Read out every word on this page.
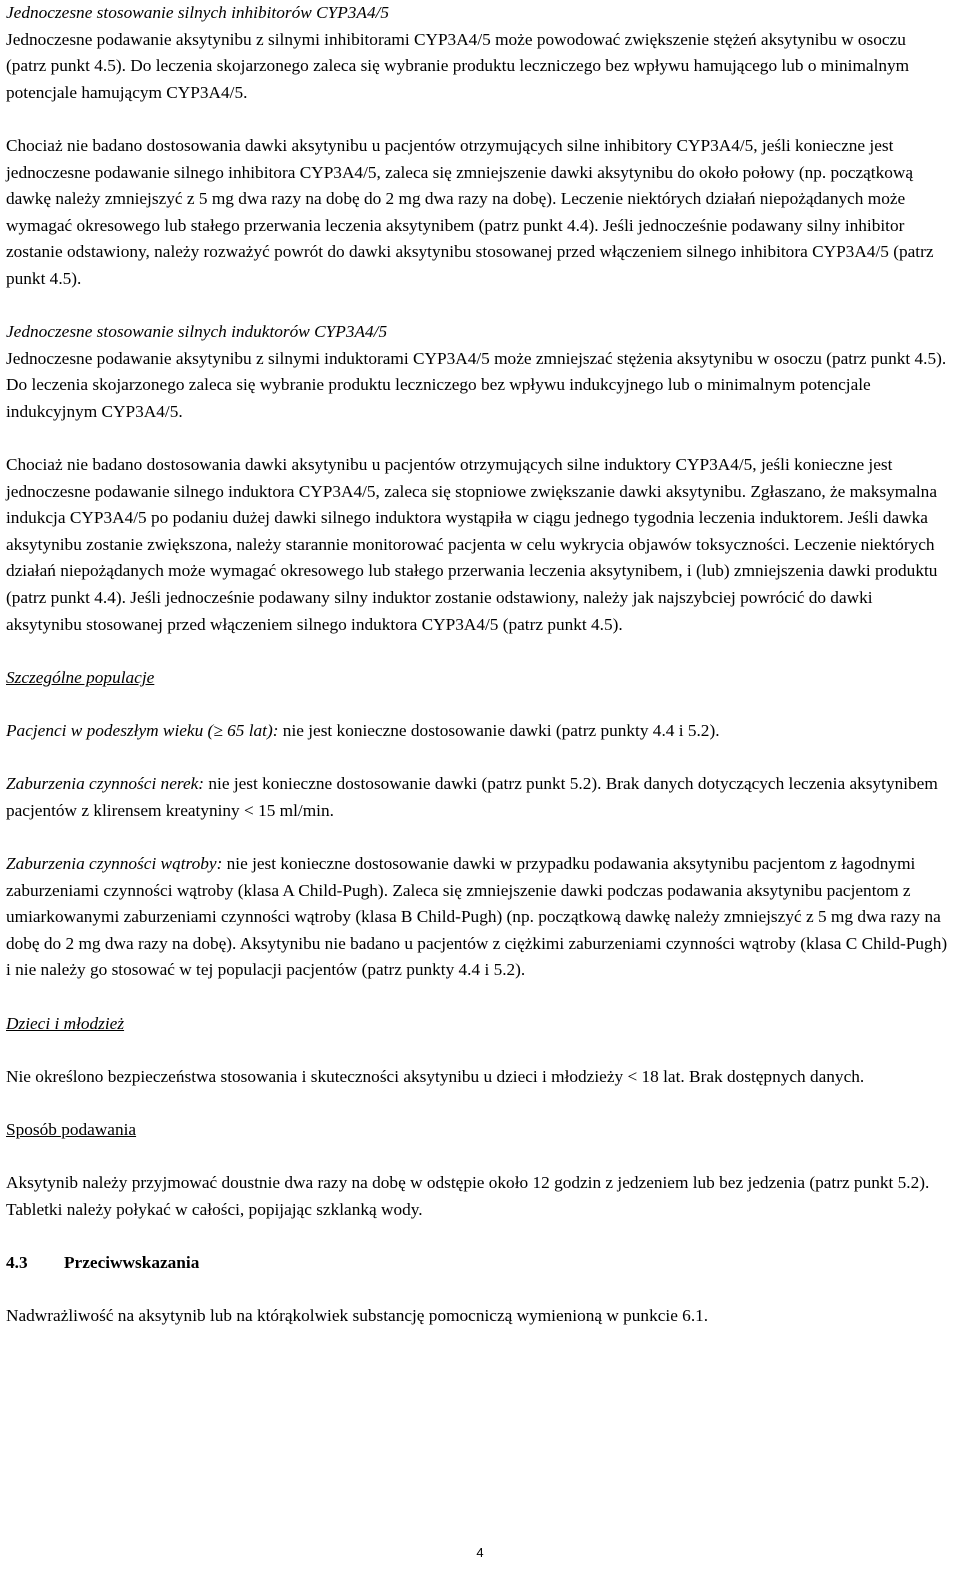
Jednoczesne stosowanie silnych inhibitorów CYP3A4/5

Jednoczesne podawanie aksytynibu z silnymi inhibitorami CYP3A4/5 może powodować zwiększenie stężeń aksytynibu w osoczu (patrz punkt 4.5). Do leczenia skojarzonego zaleca się wybranie produktu leczniczego bez wpływu hamującego lub o minimalnym potencjale hamującym CYP3A4/5.

Chociaż nie badano dostosowania dawki aksytynibu u pacjentów otrzymujących silne inhibitory CYP3A4/5, jeśli konieczne jest jednoczesne podawanie silnego inhibitora CYP3A4/5, zaleca się zmniejszenie dawki aksytynibu do około połowy (np. początkową dawkę należy zmniejszyć z 5 mg dwa razy na dobę do 2 mg dwa razy na dobę). Leczenie niektórych działań niepożądanych może wymagać okresowego lub stałego przerwania leczenia aksytynibem (patrz punkt 4.4). Jeśli jednocześnie podawany silny inhibitor zostanie odstawiony, należy rozważyć powrót do dawki aksytynibu stosowanej przed włączeniem silnego inhibitora CYP3A4/5 (patrz punkt 4.5).

Jednoczesne stosowanie silnych induktorów CYP3A4/5

Jednoczesne podawanie aksytynibu z silnymi induktorami CYP3A4/5 może zmniejszać stężenia aksytynibu w osoczu (patrz punkt 4.5). Do leczenia skojarzonego zaleca się wybranie produktu leczniczego bez wpływu indukcyjnego lub o minimalnym potencjale indukcyjnym CYP3A4/5.

Chociaż nie badano dostosowania dawki aksytynibu u pacjentów otrzymujących silne induktory CYP3A4/5, jeśli konieczne jest jednoczesne podawanie silnego induktora CYP3A4/5, zaleca się stopniowe zwiększanie dawki aksytynibu. Zgłaszano, że maksymalna indukcja CYP3A4/5 po podaniu dużej dawki silnego induktora wystąpiła w ciągu jednego tygodnia leczenia induktorem. Jeśli dawka aksytynibu zostanie zwiększona, należy starannie monitorować pacjenta w celu wykrycia objawów toksyczności. Leczenie niektórych działań niepożądanych może wymagać okresowego lub stałego przerwania leczenia aksytynibem, i (lub) zmniejszenia dawki produktu (patrz punkt 4.4). Jeśli jednocześnie podawany silny induktor zostanie odstawiony, należy jak najszybciej powrócić do dawki aksytynibu stosowanej przed włączeniem silnego induktora CYP3A4/5 (patrz punkt 4.5).

Szczególne populacje

Pacjenci w podeszłym wieku (≥ 65 lat): nie jest konieczne dostosowanie dawki (patrz punkty 4.4 i 5.2).

Zaburzenia czynności nerek: nie jest konieczne dostosowanie dawki (patrz punkt 5.2). Brak danych dotyczących leczenia aksytynibem pacjentów z klirensem kreatyniny < 15 ml/min.

Zaburzenia czynności wątroby: nie jest konieczne dostosowanie dawki w przypadku podawania aksytynibu pacjentom z łagodnymi zaburzeniami czynności wątroby (klasa A Child-Pugh). Zaleca się zmniejszenie dawki podczas podawania aksytynibu pacjentom z umiarkowanymi zaburzeniami czynności wątroby (klasa B Child-Pugh) (np. początkową dawkę należy zmniejszyć z 5 mg dwa razy na dobę do 2 mg dwa razy na dobę). Aksytynibu nie badano u pacjentów z ciężkimi zaburzeniami czynności wątroby (klasa C Child-Pugh) i nie należy go stosować w tej populacji pacjentów (patrz punkty 4.4 i 5.2).

Dzieci i młodzież

Nie określono bezpieczeństwa stosowania i skuteczności aksytynibu u dzieci i młodzieży < 18 lat. Brak dostępnych danych.

Sposób podawania

Aksytynib należy przyjmować doustnie dwa razy na dobę w odstępie około 12 godzin z jedzeniem lub bez jedzenia (patrz punkt 5.2). Tabletki należy połykać w całości, popijając szklanką wody.

4.3 Przeciwwskazania

Nadwrażliwość na aksytynib lub na którąkolwiek substancję pomocniczą wymienioną w punkcie 6.1.

4
